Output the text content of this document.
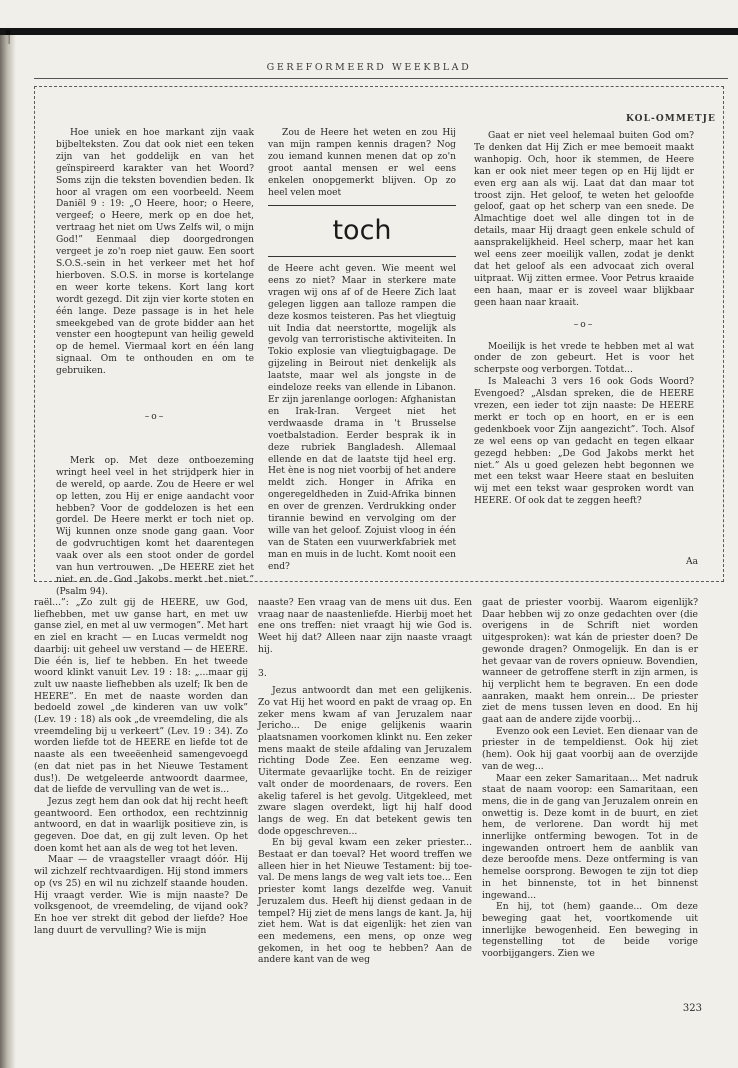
GEREFORMEERD WEEKBLAD
KOL-OMMETJE

Hoe uniek en hoe markant zijn vaak bijbelteksten. Zou dat ook niet een teken zijn van het goddelijk en van het geïnspireerd karakter van het Woord? Soms zijn die teksten bovendien beden. Ik hoor al vragen om een voorbeeld. Neem Daniël 9 : 19: „O Heere, hoor; o Heere, vergeef; o Heere, merk op en doe het, vertraag het niet om Uws Zelfs wil, o mijn God!” Eenmaal diep doorgedrongen vergeet je zo'n roep niet gauw. Een soort S.O.S.-sein in het verkeer met het hof hierboven. S.O.S. in morse is kortelange en weer korte tekens. Kort lang kort wordt gezegd. Dit zijn vier korte stoten en één lange. Deze passage is in het hele smeekgebed van de grote bidder aan het venster een hoogtepunt van heilig geweld op de hemel. Viermaal kort en één lang signaal. Om te onthouden en om te gebruiken.

–o–

Merk op. Met deze ontboezeming wringt heel veel in het strijdperk hier in de wereld, op aarde. Zou de Heere er wel op letten, zou Hij er enige aandacht voor hebben? Voor de goddelozen is het een gordel. De Heere merkt er toch niet op. Wij kunnen onze snode gang gaan. Voor de godvruchtigen komt het daarentegen vaak over als een stoot onder de gordel van hun vertrouwen. „De HEERE ziet het niet en de God Jakobs merkt het niet.” (Psalm 94).

Zou de Heere het weten en zou Hij van mijn rampen kennis dragen? Nog zou iemand kunnen menen dat op zo'n groot aantal mensen er wel eens enkelen onopgemerkt blijven. Op zo heel velen moet

toch

de Heere acht geven. Wie meent wel eens zo niet? Maar in sterkere mate vragen wij ons af of de Heere Zich laat gelegen liggen aan talloze rampen die deze kosmos teisteren. Pas het vliegtuig uit India dat neerstortte, mogelijk als gevolg van terroristische aktiviteiten. In Tokio explosie van vliegtuigbagage. De gijzeling in Beirout niet denkelijk als laatste, maar wel als jongste in de eindeloze reeks van ellende in Libanon. Er zijn jarenlange oorlogen: Afghanistan en Irak-Iran. Vergeet niet het verdwaasde drama in 't Brusselse voetbalstadion. Eerder besprak ik in deze rubriek Bangladesh. Allemaal ellende en dat de laatste tijd heel erg. Het ène is nog niet voorbij of het andere meldt zich. Honger in Afrika en ongeregeldheden in Zuid-Afrika binnen en over de grenzen. Verdrukking onder tirannie bewind en vervolging om der wille van het geloof. Zojuist vloog in één van de Staten een vuurwerkfabriek met man en muis in de lucht. Komt nooit een end?

Gaat er niet veel helemaal buiten God om? Te denken dat Hij Zich er mee bemoeit maakt wanhopig. Och, hoor ik stemmen, de Heere kan er ook niet meer tegen op en Hij lijdt er even erg aan als wij. Laat dat dan maar tot troost zijn. Het geloof, te weten het geloofde geloof, gaat op het scherp van een snede. De Almachtige doet wel alle dingen tot in de details, maar Hij draagt geen enkele schuld of aansprakelijkheid. Heel scherp, maar het kan wel eens zeer moeilijk vallen, zodat je denkt dat het geloof als een advocaat zich overal uitpraat. Wij zitten ermee. Voor Petrus kraaide een haan, maar er is zoveel waar blijkbaar geen haan naar kraait.

–o–

Moeilijk is het vrede te hebben met al wat onder de zon gebeurt. Het is voor het scherpste oog verborgen. Totdat...

Is Maleachi 3 vers 16 ook Gods Woord? Evengoed? „Alsdan spreken, die de HEERE vrezen, een ieder tot zijn naaste: De HEERE merkt er toch op en hoort, en er is een gedenkboek voor Zijn aangezicht”. Toch. Alsof ze wel eens op van gedacht en tegen elkaar gezegd hebben: „De God Jakobs merkt het niet.” Als u goed gelezen hebt begonnen we met een tekst waar Heere staat en besluiten wij met een tekst waar gesproken wordt van HEERE. Of ook dat te zeggen heeft?

Aa

raël...”: „Zo zult gij de HEERE, uw God, liefhebben, met uw ganse hart, en met uw ganse ziel, en met al uw vermogen”. Met hart en ziel en kracht — en Lucas vermeldt nog daarbij: uit geheel uw verstand — de HEERE. Die één is, lief te hebben. En het tweede woord klinkt vanuit Lev. 19 : 18: „...maar gij zult uw naaste liefhebben als uzelf; Ik ben de HEERE”. En met de naaste worden dan bedoeld zowel „de kinderen van uw volk” (Lev. 19 : 18) als ook „de vreemdeling, die als vreemdeling bij u verkeert” (Lev. 19 : 34). Zo worden liefde tot de HEERE en liefde tot de naaste als een tweeëenheid samengevoegd (en dat niet pas in het Nieuwe Testament dus!). De wetgeleerde antwoordt daarmee, dat de liefde de vervulling van de wet is...

Jezus zegt hem dan ook dat hij recht heeft geantwoord. Een orthodox, een rechtzinnig antwoord, en dat in waarlijk positieve zin, is gegeven. Doe dat, en gij zult leven. Op het doen komt het aan als de weg tot het leven.

Maar — de vraagsteller vraagt dóór. Hij wil zichzelf rechtvaardigen. Hij stond immers op (vs 25) en wil nu zichzelf staande houden. Hij vraagt verder. Wie is mijn naaste? De volksgenoot, de vreemdeling, de vijand ook? En hoe ver strekt dit gebod der liefde? Hoe lang duurt de vervulling? Wie is mijn

naaste? Een vraag van de mens uit dus. Een vraag naar de naastenliefde. Hierbij moet het ene ons treffen: niet vraagt hij wie God is. Weet hij dat? Alleen naar zijn naaste vraagt hij.

3.

Jezus antwoordt dan met een gelijkenis. Zo vat Hij het woord en pakt de vraag op. En zeker mens kwam af van Jeruzalem naar Jericho... De enige gelijkenis waarin plaatsnamen voorkomen klinkt nu. Een zeker mens maakt de steile afdaling van Jeruzalem richting Dode Zee. Een eenzame weg. Uitermate gevaarlijke tocht. En de reiziger valt onder de moordenaars, de rovers. Een akelig taferel is het gevolg. Uitgekleed, met zware slagen overdekt, ligt hij half dood langs de weg. En dat betekent gewis ten dode opgeschreven...

En bij geval kwam een zeker priester... Bestaat er dan toeval? Het woord treffen we alleen hier in het Nieuwe Testament: bij toe-val. De mens langs de weg valt iets toe... Een priester komt langs dezelfde weg. Vanuit Jeruzalem dus. Heeft hij dienst gedaan in de tempel? Hij ziet de mens langs de kant. Ja, hij ziet hem. Wat is dat eigenlijk: het zien van een medemens, een mens, op onze weg gekomen, in het oog te hebben? Aan de andere kant van de weg

gaat de priester voorbij. Waarom eigenlijk? Daar hebben wij zo onze gedachten over (die overigens in de Schrift niet worden uitgesproken): wat kán de priester doen? De gewonde dragen? Onmogelijk. En dan is er het gevaar van de rovers opnieuw. Bovendien, wanneer de getroffene sterft in zijn armen, is hij verplicht hem te begraven. En een dode aanraken, maakt hem onrein... De priester ziet de mens tussen leven en dood. En hij gaat aan de andere zijde voorbij...

Evenzo ook een Leviet. Een dienaar van de priester in de tempeldienst. Ook hij ziet (hem). Ook hij gaat voorbij aan de overzijde van de weg...

Maar een zeker Samaritaan... Met nadruk staat de naam voorop: een Samaritaan, een mens, die in de gang van Jeruzalem onrein en onwettig is. Deze komt in de buurt, en ziet hem, de verlorene. Dan wordt hij met innerlijke ontferming bewogen. Tot in de ingewanden ontroert hem de aanblik van deze beroofde mens. Deze ontferming is van hemelse oorsprong. Bewogen te zijn tot diep in het binnenste, tot in het binnenst ingewand...

En hij, tot (hem) gaande... Om deze beweging gaat het, voortkomende uit innerlijke bewogenheid. Een beweging in tegenstelling tot de beide vorige voorbijgangers. Zien we

323
